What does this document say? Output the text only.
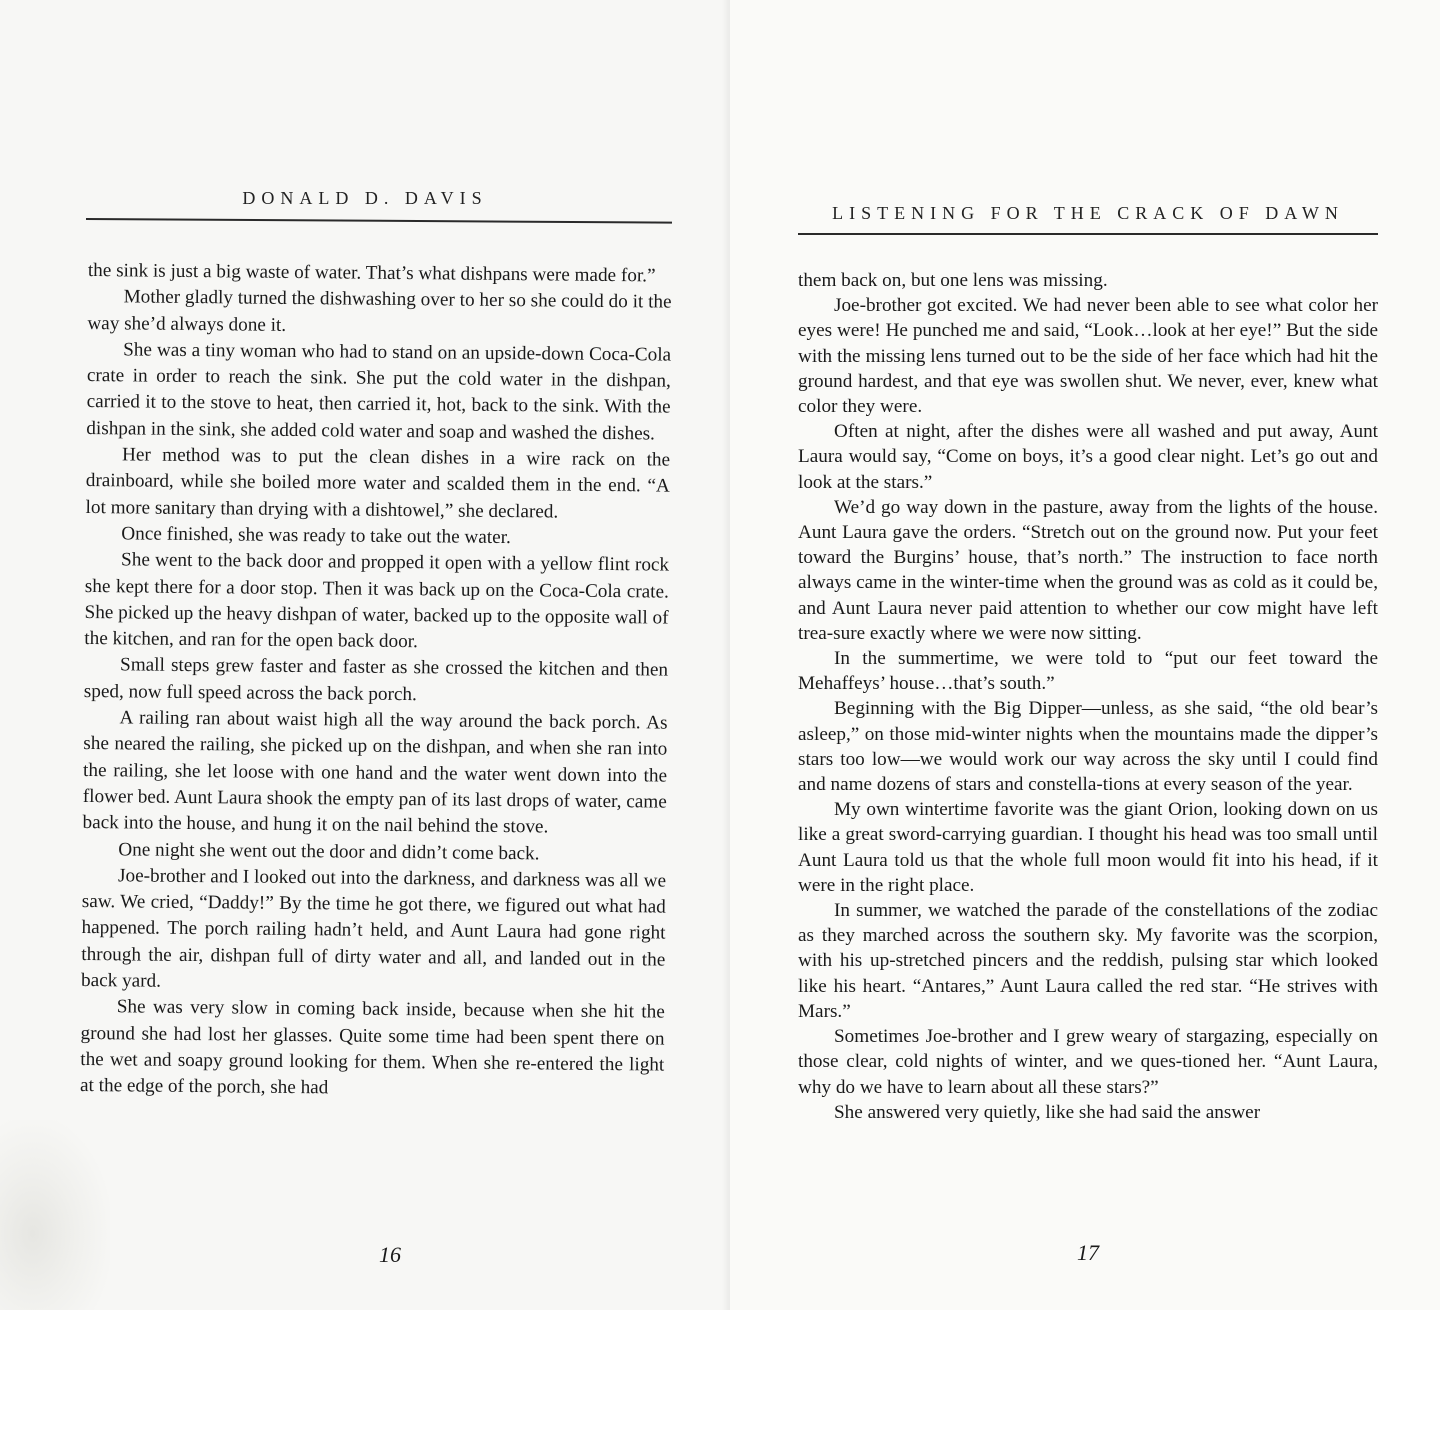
DONALD D. DAVIS

the sink is just a big waste of water. That’s what dishpans were made for.”

Mother gladly turned the dishwashing over to her so she could do it the way she’d always done it.

She was a tiny woman who had to stand on an upside-down Coca-Cola crate in order to reach the sink. She put the cold water in the dishpan, carried it to the stove to heat, then carried it, hot, back to the sink. With the dishpan in the sink, she added cold water and soap and washed the dishes.

Her method was to put the clean dishes in a wire rack on the drainboard, while she boiled more water and scalded them in the end. “A lot more sanitary than drying with a dishtowel,” she declared.

Once finished, she was ready to take out the water.

She went to the back door and propped it open with a yellow flint rock she kept there for a door stop. Then it was back up on the Coca-Cola crate. She picked up the heavy dishpan of water, backed up to the opposite wall of the kitchen, and ran for the open back door.

Small steps grew faster and faster as she crossed the kitchen and then sped, now full speed across the back porch.

A railing ran about waist high all the way around the back porch. As she neared the railing, she picked up on the dishpan, and when she ran into the railing, she let loose with one hand and the water went down into the flower bed. Aunt Laura shook the empty pan of its last drops of water, came back into the house, and hung it on the nail behind the stove.

One night she went out the door and didn’t come back.

Joe-brother and I looked out into the darkness, and darkness was all we saw. We cried, “Daddy!” By the time he got there, we figured out what had happened. The porch railing hadn’t held, and Aunt Laura had gone right through the air, dishpan full of dirty water and all, and landed out in the back yard.

She was very slow in coming back inside, because when she hit the ground she had lost her glasses. Quite some time had been spent there on the wet and soapy ground looking for them. When she re-entered the light at the edge of the porch, she had

16
LISTENING FOR THE CRACK OF DAWN

them back on, but one lens was missing.

Joe-brother got excited. We had never been able to see what color her eyes were! He punched me and said, “Look…look at her eye!” But the side with the missing lens turned out to be the side of her face which had hit the ground hardest, and that eye was swollen shut. We never, ever, knew what color they were.

Often at night, after the dishes were all washed and put away, Aunt Laura would say, “Come on boys, it’s a good clear night. Let’s go out and look at the stars.”

We’d go way down in the pasture, away from the lights of the house. Aunt Laura gave the orders. “Stretch out on the ground now. Put your feet toward the Burgins’ house, that’s north.” The instruction to face north always came in the winter-time when the ground was as cold as it could be, and Aunt Laura never paid attention to whether our cow might have left trea-sure exactly where we were now sitting.

In the summertime, we were told to “put our feet toward the Mehaffeys’ house…that’s south.”

Beginning with the Big Dipper—unless, as she said, “the old bear’s asleep,” on those mid-winter nights when the mountains made the dipper’s stars too low—we would work our way across the sky until I could find and name dozens of stars and constella-tions at every season of the year.

My own wintertime favorite was the giant Orion, looking down on us like a great sword-carrying guardian. I thought his head was too small until Aunt Laura told us that the whole full moon would fit into his head, if it were in the right place.

In summer, we watched the parade of the constellations of the zodiac as they marched across the southern sky. My favorite was the scorpion, with his up-stretched pincers and the reddish, pulsing star which looked like his heart. “Antares,” Aunt Laura called the red star. “He strives with Mars.”

Sometimes Joe-brother and I grew weary of stargazing, especially on those clear, cold nights of winter, and we ques-tioned her. “Aunt Laura, why do we have to learn about all these stars?”

She answered very quietly, like she had said the answer

17
